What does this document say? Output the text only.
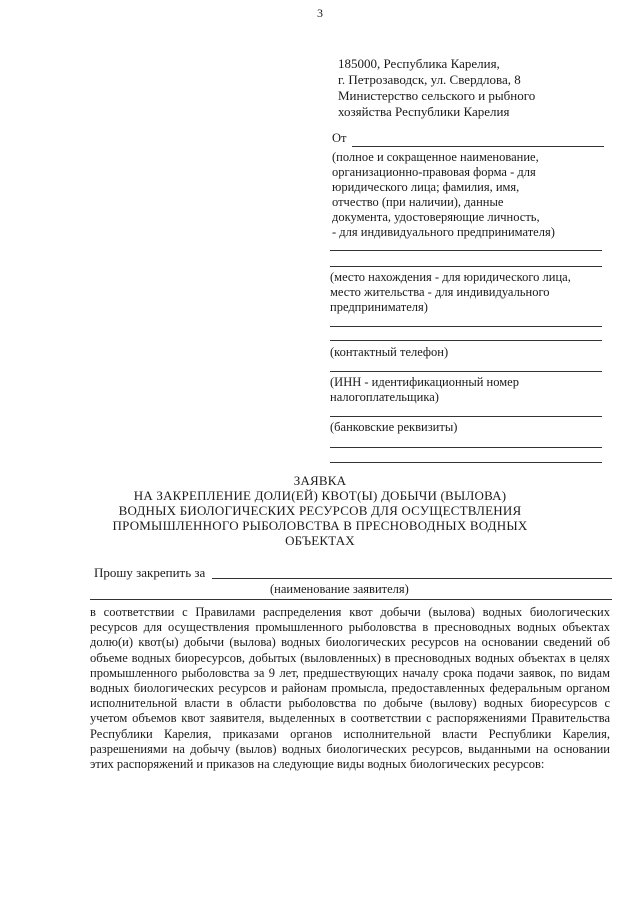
3
185000, Республика Карелия,
г. Петрозаводск, ул. Свердлова, 8
Министерство сельского и рыбного
хозяйства Республики Карелия
От
(полное и сокращенное наименование,
организационно-правовая форма - для
юридического лица; фамилия, имя,
отчество (при наличии), данные
документа, удостоверяющие личность,
- для индивидуального предпринимателя)
(место нахождения - для юридического лица,
место жительства - для индивидуального
предпринимателя)
(контактный телефон)
(ИНН - идентификационный номер
налогоплательщика)
(банковские реквизиты)
ЗАЯВКА
НА ЗАКРЕПЛЕНИЕ ДОЛИ(ЕЙ) КВОТ(Ы) ДОБЫЧИ (ВЫЛОВА)
ВОДНЫХ БИОЛОГИЧЕСКИХ РЕСУРСОВ ДЛЯ ОСУЩЕСТВЛЕНИЯ
ПРОМЫШЛЕННОГО РЫБОЛОВСТВА В ПРЕСНОВОДНЫХ ВОДНЫХ
ОБЪЕКТАХ
Прошу закрепить за
(наименование заявителя)
в соответствии с Правилами распределения квот добычи (вылова) водных биологических ресурсов для осуществления промышленного рыболовства в пресноводных водных объектах долю(и) квот(ы) добычи (вылова) водных биологических ресурсов на основании сведений об объеме водных биоресурсов, добытых (выловленных) в пресноводных водных объектах в целях промышленного рыболовства за 9 лет, предшествующих началу срока подачи заявок, по видам водных биологических ресурсов и районам промысла, предоставленных федеральным органом исполнительной власти в области рыболовства по добыче (вылову) водных биоресурсов с учетом объемов квот заявителя, выделенных в соответствии с распоряжениями Правительства Республики Карелия, приказами органов исполнительной власти Республики Карелия, разрешениями на добычу (вылов) водных биологических ресурсов, выданными на основании этих распоряжений и приказов на следующие виды водных биологических ресурсов:
